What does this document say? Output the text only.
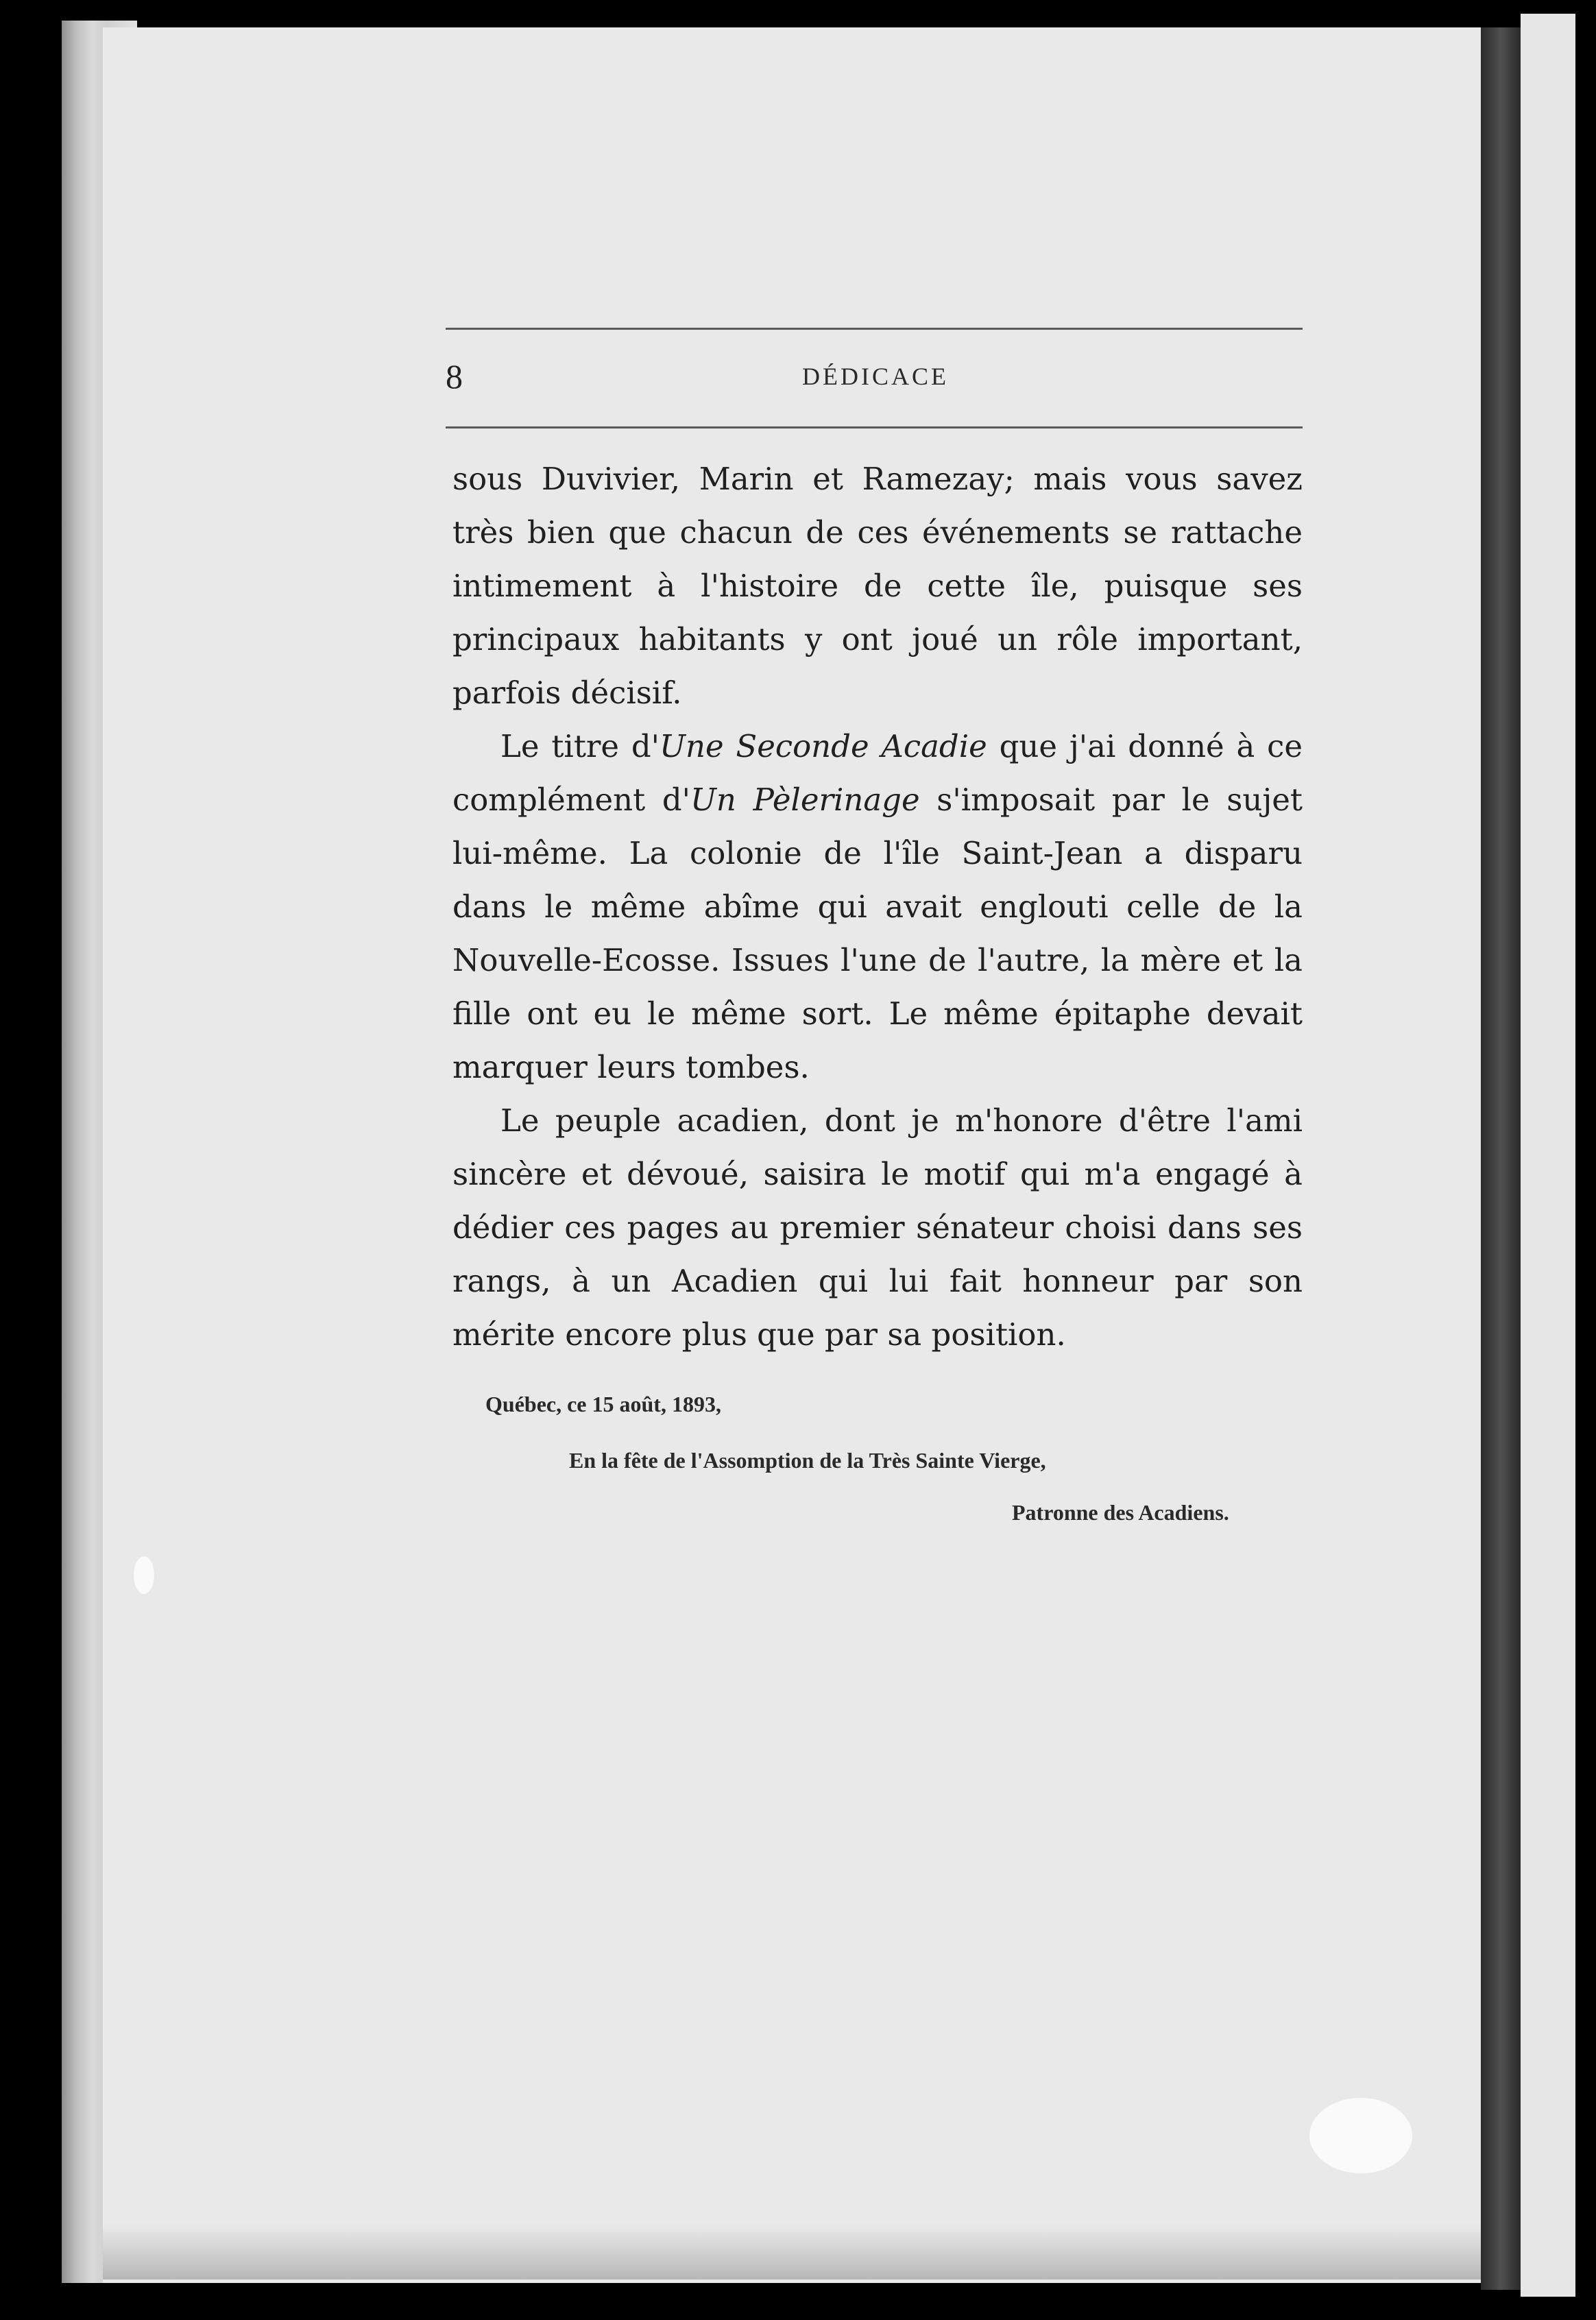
8	DÉDICACE

sous Duvivier, Marin et Ramezay; mais vous savez très bien que chacun de ces événements se rattache intimement à l'histoire de cette île, puisque ses principaux habitants y ont joué un rôle important, parfois décisif.

Le titre d'Une Seconde Acadie que j'ai donné à ce complément d'Un Pèlerinage s'imposait par le sujet lui-même. La colonie de l'île Saint-Jean a disparu dans le même abîme qui avait englouti celle de la Nouvelle-Ecosse. Issues l'une de l'autre, la mère et la fille ont eu le même sort. Le même épitaphe devait marquer leurs tombes.

Le peuple acadien, dont je m'honore d'être l'ami sincère et dévoué, saisira le motif qui m'a engagé à dédier ces pages au premier sénateur choisi dans ses rangs, à un Acadien qui lui fait honneur par son mérite encore plus que par sa position.

Québec, ce 15 août, 1893,
En la fête de l'Assomption de la Très Sainte Vierge,
Patronne des Acadiens.
